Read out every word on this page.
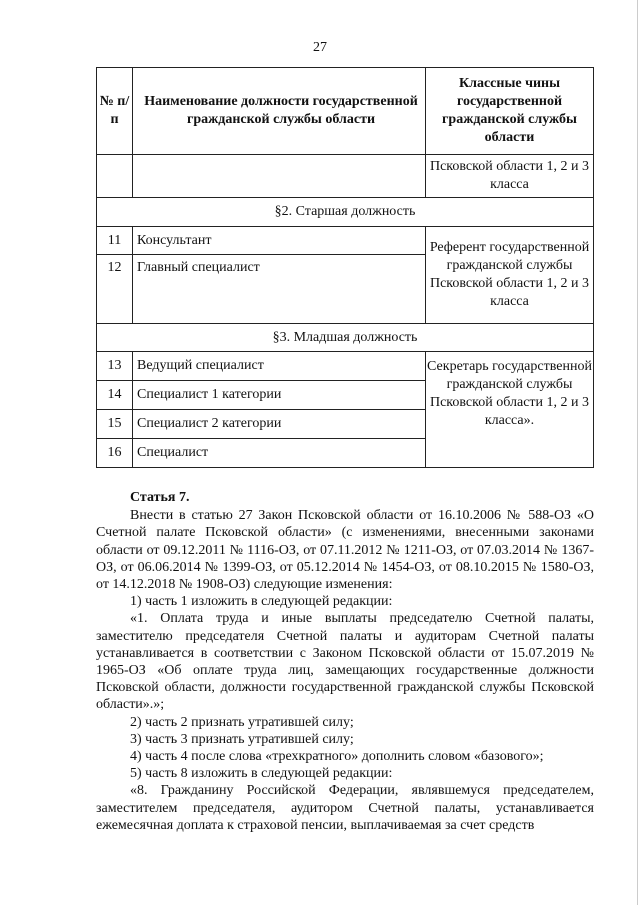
27
№ п/п	Наименование должности государственной гражданской службы области	Классные чины государственной гражданской службы области
		Псковской области 1, 2 и 3 класса
§2. Старшая должность		
11	Консультант	Референт государственной гражданской службы Псковской области 1, 2 и 3 класса
12	Главный специалист	
§3. Младшая должность		
13	Ведущий специалист	Секретарь государственной гражданской службы Псковской области 1, 2 и 3 класса».
14	Специалист 1 категории	
15	Специалист 2 категории	
16	Специалист	

Статья 7.

Внести в статью 27 Закон Псковской области от 16.10.2006 № 588-ОЗ «О Счетной палате Псковской области» (с изменениями, внесенными законами области от 09.12.2011 № 1116-ОЗ, от 07.11.2012 № 1211-ОЗ, от 07.03.2014 № 1367-ОЗ, от 06.06.2014 № 1399-ОЗ, от 05.12.2014 № 1454-ОЗ, от 08.10.2015 № 1580-ОЗ, от 14.12.2018 № 1908-ОЗ) следующие изменения:

1) часть 1 изложить в следующей редакции:

«1. Оплата труда и иные выплаты председателю Счетной палаты, заместителю председателя Счетной палаты и аудиторам Счетной палаты устанавливается в соответствии с Законом Псковской области от 15.07.2019 № 1965-ОЗ «Об оплате труда лиц, замещающих государственные должности Псковской области, должности государственной гражданской службы Псковской области».»;

2) часть 2 признать утратившей силу;

3) часть 3 признать утратившей силу;

4) часть 4 после слова «трехкратного» дополнить словом «базового»;

5) часть 8 изложить в следующей редакции:

«8. Гражданину Российской Федерации, являвшемуся председателем, заместителем председателя, аудитором Счетной палаты, устанавливается ежемесячная доплата к страховой пенсии, выплачиваемая за счет средств
